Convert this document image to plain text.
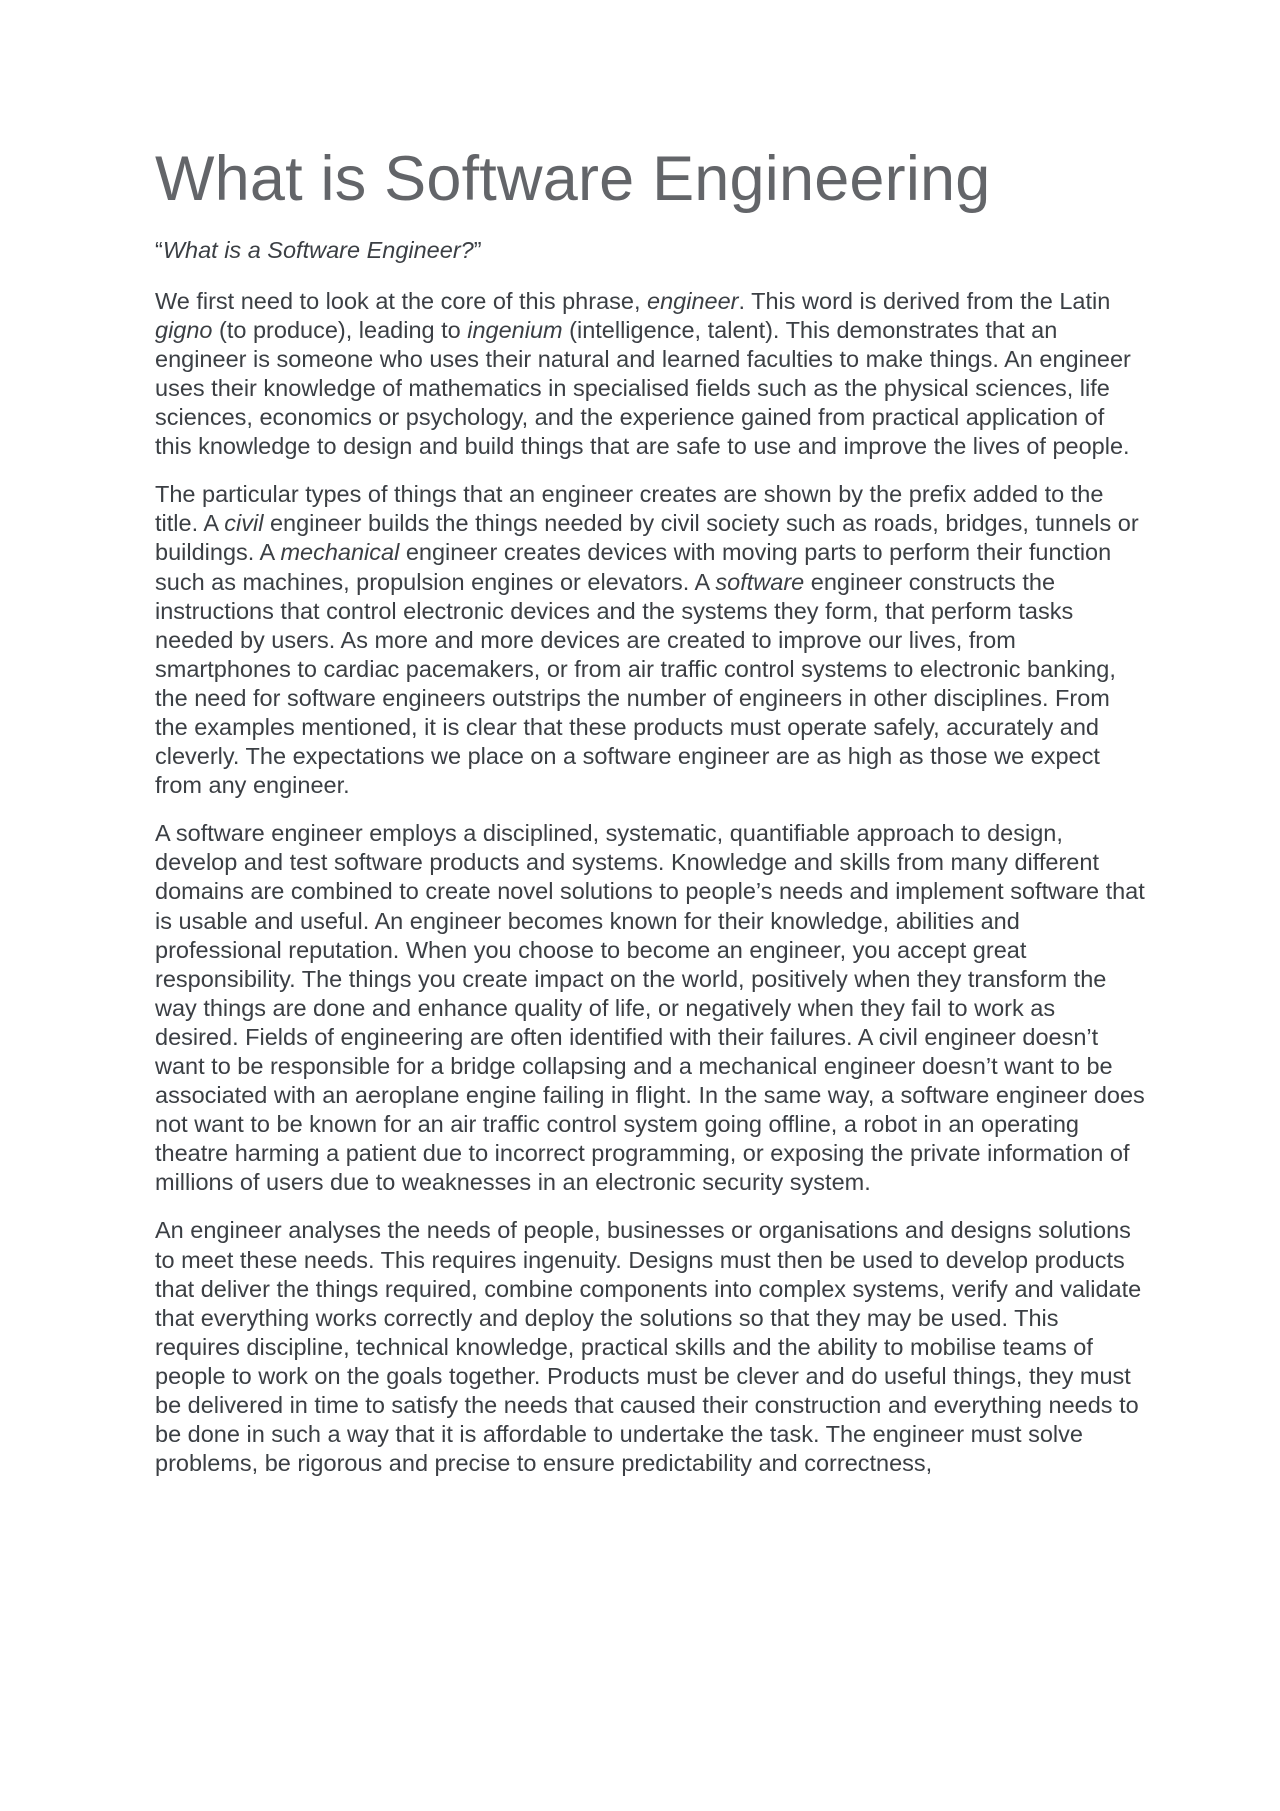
What is Software Engineering

“What is a Software Engineer?”

We first need to look at the core of this phrase, engineer. This word is derived from the Latin gigno (to produce), leading to ingenium (intelligence, talent). This demonstrates that an engineer is someone who uses their natural and learned faculties to make things. An engineer uses their knowledge of mathematics in specialised fields such as the physical sciences, life sciences, economics or psychology, and the experience gained from practical application of this knowledge to design and build things that are safe to use and improve the lives of people.

The particular types of things that an engineer creates are shown by the prefix added to the title. A civil engineer builds the things needed by civil society such as roads, bridges, tunnels or buildings. A mechanical engineer creates devices with moving parts to perform their function such as machines, propulsion engines or elevators. A software engineer constructs the instructions that control electronic devices and the systems they form, that perform tasks needed by users. As more and more devices are created to improve our lives, from smartphones to cardiac pacemakers, or from air traffic control systems to electronic banking, the need for software engineers outstrips the number of engineers in other disciplines. From the examples mentioned, it is clear that these products must operate safely, accurately and cleverly. The expectations we place on a software engineer are as high as those we expect from any engineer.

A software engineer employs a disciplined, systematic, quantifiable approach to design, develop and test software products and systems. Knowledge and skills from many different domains are combined to create novel solutions to people’s needs and implement software that is usable and useful. An engineer becomes known for their knowledge, abilities and professional reputation. When you choose to become an engineer, you accept great responsibility. The things you create impact on the world, positively when they transform the way things are done and enhance quality of life, or negatively when they fail to work as desired. Fields of engineering are often identified with their failures. A civil engineer doesn’t want to be responsible for a bridge collapsing and a mechanical engineer doesn’t want to be associated with an aeroplane engine failing in flight. In the same way, a software engineer does not want to be known for an air traffic control system going offline, a robot in an operating theatre harming a patient due to incorrect programming, or exposing the private information of millions of users due to weaknesses in an electronic security system.

An engineer analyses the needs of people, businesses or organisations and designs solutions to meet these needs. This requires ingenuity. Designs must then be used to develop products that deliver the things required, combine components into complex systems, verify and validate that everything works correctly and deploy the solutions so that they may be used. This requires discipline, technical knowledge, practical skills and the ability to mobilise teams of people to work on the goals together. Products must be clever and do useful things, they must be delivered in time to satisfy the needs that caused their construction and everything needs to be done in such a way that it is affordable to undertake the task. The engineer must solve problems, be rigorous and precise to ensure predictability and correctness,
